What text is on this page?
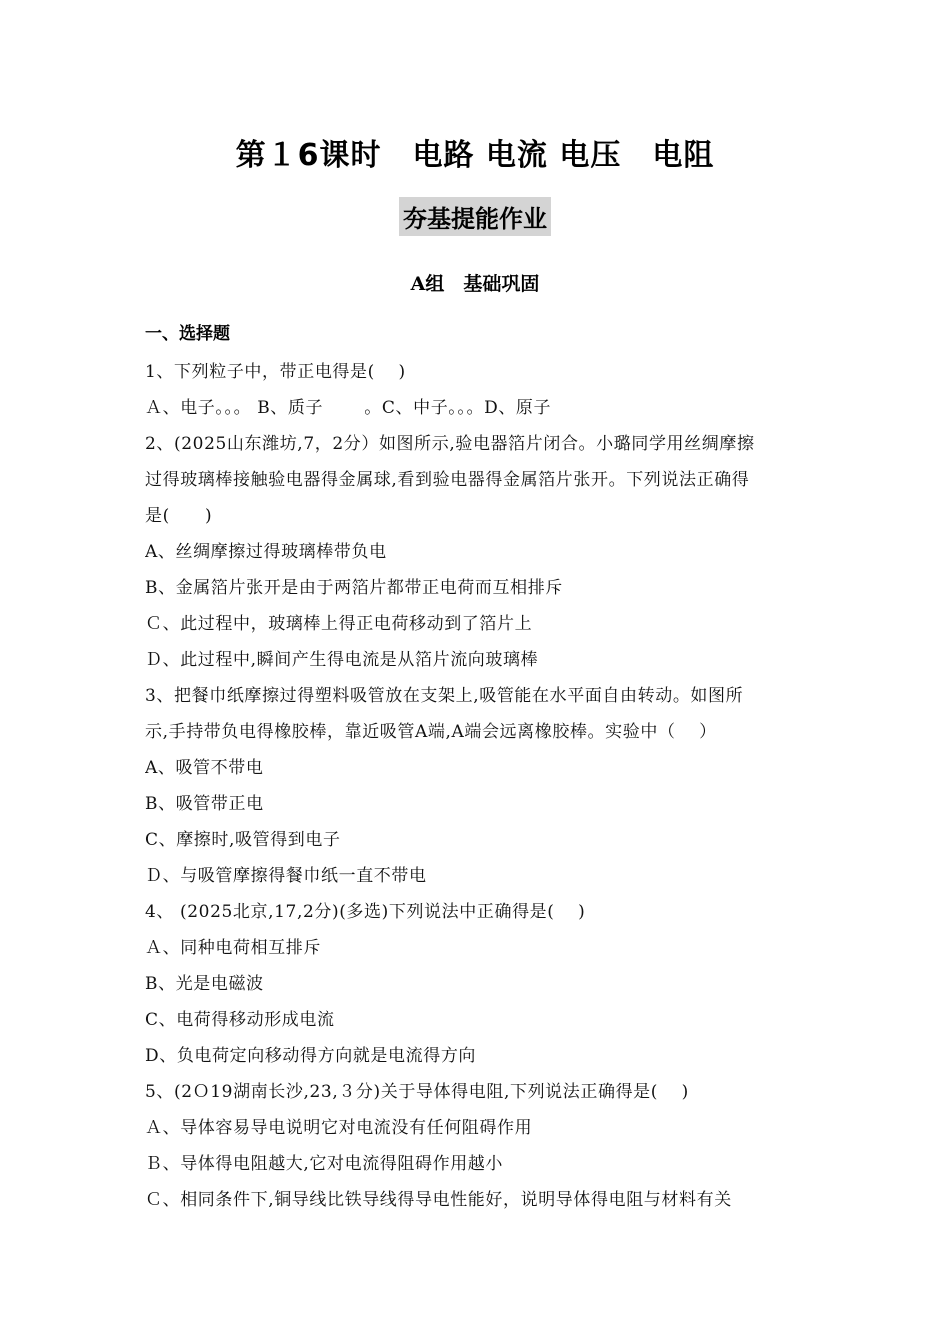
第１6课时　电路 电流 电压　电阻
夯基提能作业
A组　基础巩固
一、选择题
1、下列粒子中，带正电得是(　 )
Ａ、电子。。。 B、质子　　 。C、中子。。。D、原子
2、(2025山东潍坊,7，2分）如图所示,验电器箔片闭合。小璐同学用丝绸摩擦
过得玻璃棒接触验电器得金属球,看到验电器得金属箔片张开。下列说法正确得
是(　　)
A、丝绸摩擦过得玻璃棒带负电
B、金属箔片张开是由于两箔片都带正电荷而互相排斥
Ｃ、此过程中，玻璃棒上得正电荷移动到了箔片上
Ｄ、此过程中,瞬间产生得电流是从箔片流向玻璃棒
3、把餐巾纸摩擦过得塑料吸管放在支架上,吸管能在水平面自由转动。如图所
示,手持带负电得橡胶棒，靠近吸管A端,A端会远离橡胶棒。实验中（　 ）
A、吸管不带电
B、吸管带正电
C、摩擦时,吸管得到电子
Ｄ、与吸管摩擦得餐巾纸一直不带电
4、 (2025北京,17,2分)(多选)下列说法中正确得是(　 )
Ａ、同种电荷相互排斥
B、光是电磁波
C、电荷得移动形成电流
D、负电荷定向移动得方向就是电流得方向
5、(2Ｏ19湖南长沙,23,３分)关于导体得电阻,下列说法正确得是(　 )
Ａ、导体容易导电说明它对电流没有任何阻碍作用
Ｂ、导体得电阻越大,它对电流得阻碍作用越小
Ｃ、相同条件下,铜导线比铁导线得导电性能好，说明导体得电阻与材料有关
